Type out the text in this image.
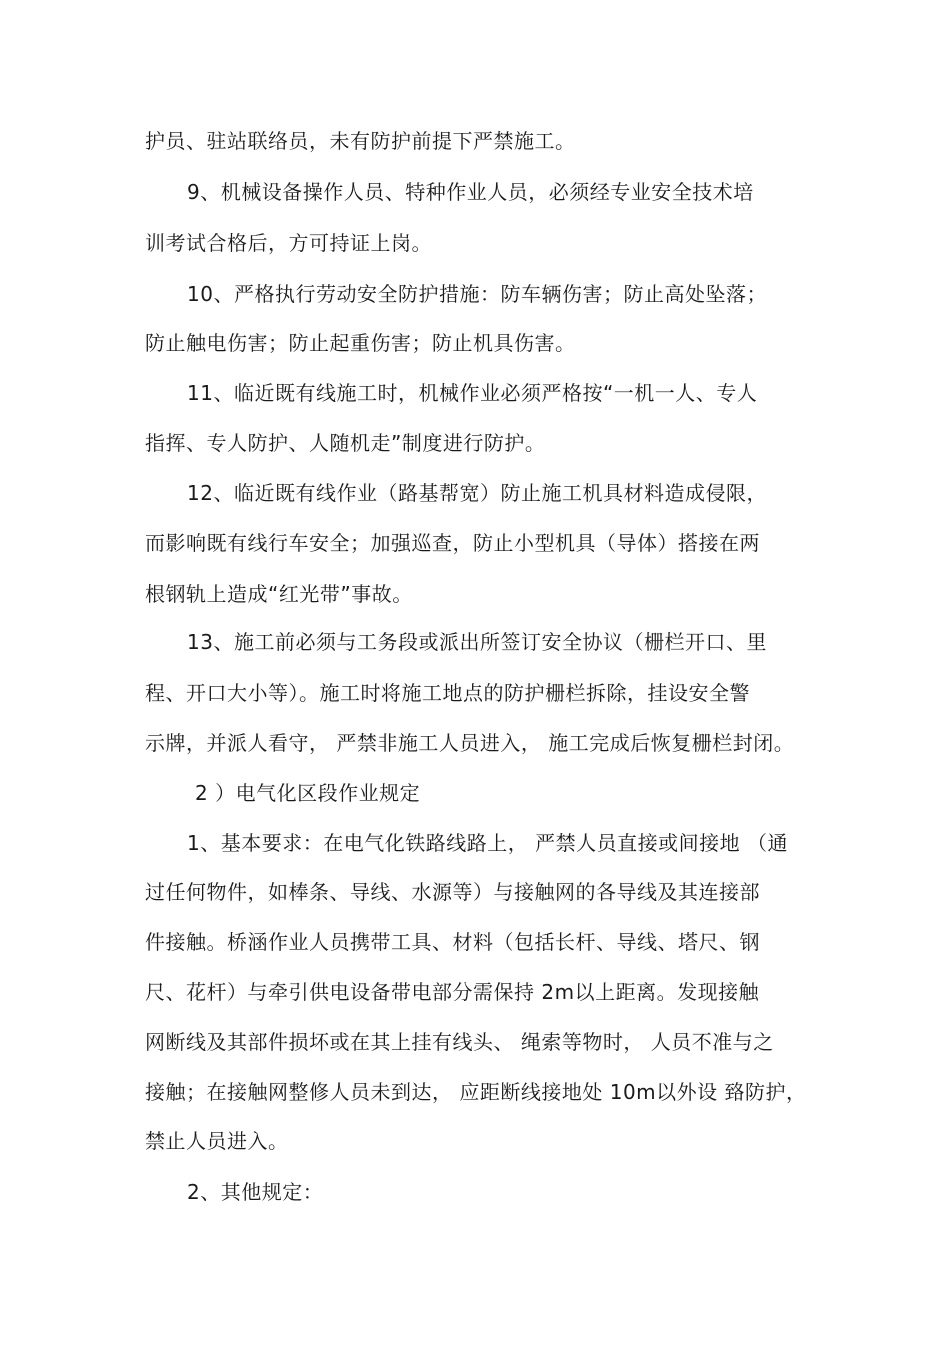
护员、驻站联络员，未有防护前提下严禁施工。
9、机械设备操作人员、特种作业人员，必须经专业安全技术培
训考试合格后，方可持证上岗。
10、严格执行劳动安全防护措施：防车辆伤害；防止高处坠落；
防止触电伤害；防止起重伤害；防止机具伤害。
11、临近既有线施工时，机械作业必须严格按“一机一人、专人
指挥、专人防护、人随机走”制度进行防护。
12、临近既有线作业（路基帮宽）防止施工机具材料造成侵限，
而影响既有线行车安全；加强巡查，防止小型机具（导体）搭接在两
根钢轨上造成“红光带”事故。
13、施工前必须与工务段或派出所签订安全协议（栅栏开口、里
程、开口大小等）。施工时将施工地点的防护栅栏拆除，挂设安全警
示牌，并派人看守， 严禁非施工人员进入， 施工完成后恢复栅栏封闭。
2 ）电气化区段作业规定
1、基本要求：在电气化铁路线路上， 严禁人员直接或间接地 （通
过任何物件，如棒条、导线、水源等）与接触网的各导线及其连接部
件接触。桥涵作业人员携带工具、材料（包括长杆、导线、塔尺、钢
尺、花杆）与牵引供电设备带电部分需保持 2m以上距离。发现接触
网断线及其部件损坏或在其上挂有线头、 绳索等物时， 人员不准与之
接触；在接触网整修人员未到达， 应距断线接地处 10m以外设 臵防护，
禁止人员进入。
2、其他规定：
